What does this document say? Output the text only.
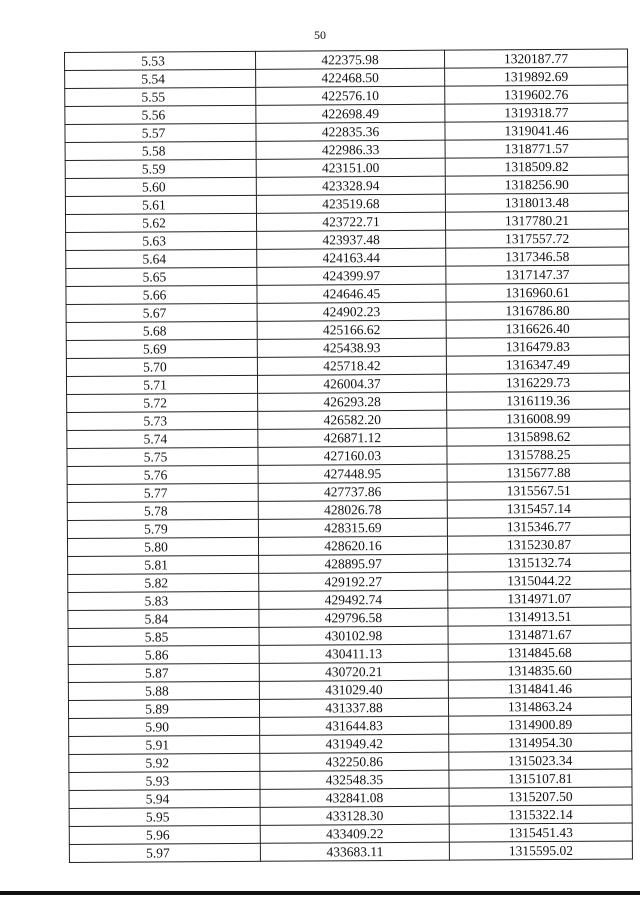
50
5.53	422375.98	1320187.77
5.54	422468.50	1319892.69
5.55	422576.10	1319602.76
5.56	422698.49	1319318.77
5.57	422835.36	1319041.46
5.58	422986.33	1318771.57
5.59	423151.00	1318509.82
5.60	423328.94	1318256.90
5.61	423519.68	1318013.48
5.62	423722.71	1317780.21
5.63	423937.48	1317557.72
5.64	424163.44	1317346.58
5.65	424399.97	1317147.37
5.66	424646.45	1316960.61
5.67	424902.23	1316786.80
5.68	425166.62	1316626.40
5.69	425438.93	1316479.83
5.70	425718.42	1316347.49
5.71	426004.37	1316229.73
5.72	426293.28	1316119.36
5.73	426582.20	1316008.99
5.74	426871.12	1315898.62
5.75	427160.03	1315788.25
5.76	427448.95	1315677.88
5.77	427737.86	1315567.51
5.78	428026.78	1315457.14
5.79	428315.69	1315346.77
5.80	428620.16	1315230.87
5.81	428895.97	1315132.74
5.82	429192.27	1315044.22
5.83	429492.74	1314971.07
5.84	429796.58	1314913.51
5.85	430102.98	1314871.67
5.86	430411.13	1314845.68
5.87	430720.21	1314835.60
5.88	431029.40	1314841.46
5.89	431337.88	1314863.24
5.90	431644.83	1314900.89
5.91	431949.42	1314954.30
5.92	432250.86	1315023.34
5.93	432548.35	1315107.81
5.94	432841.08	1315207.50
5.95	433128.30	1315322.14
5.96	433409.22	1315451.43
5.97	433683.11	1315595.02
